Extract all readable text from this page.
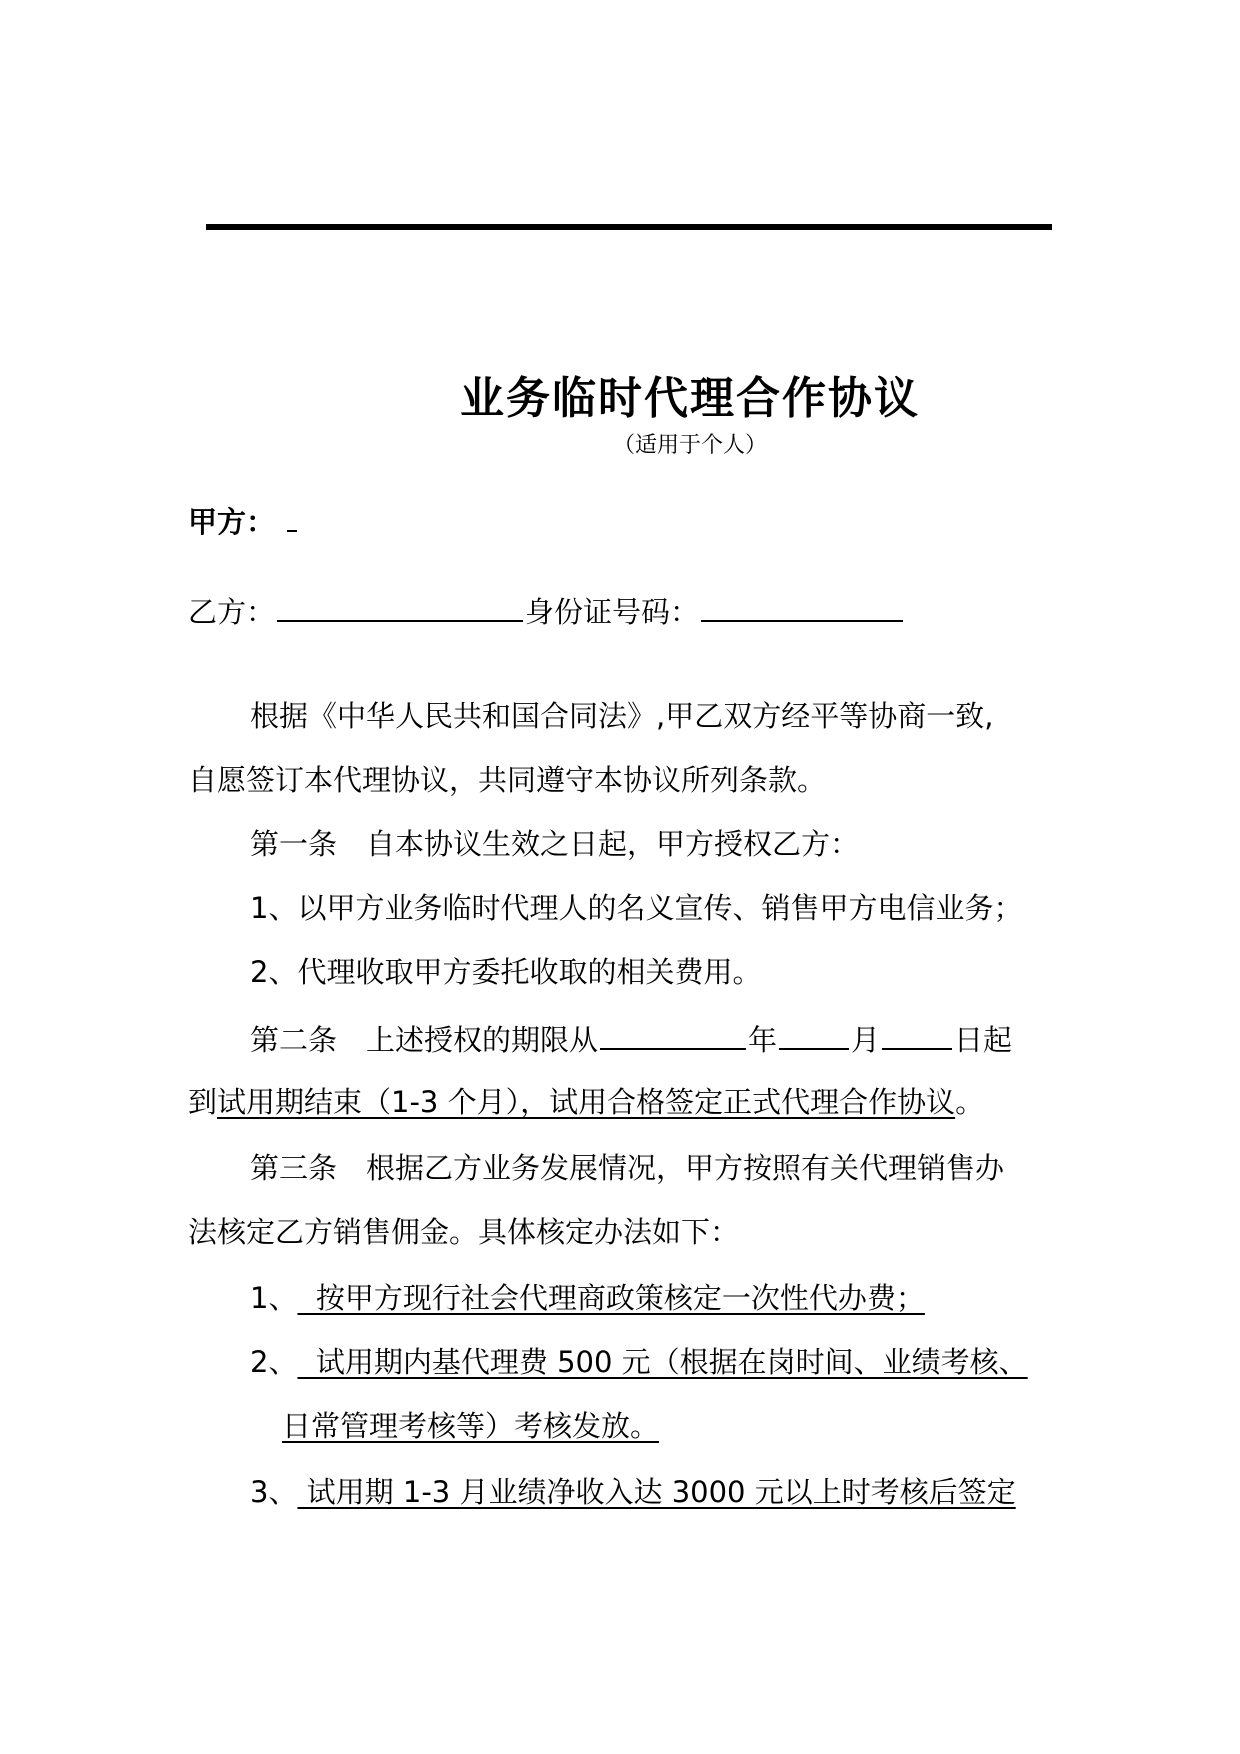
业务临时代理合作协议
（适用于个人）
甲方：
乙方：	身份证号码：
根据《中华人民共和国合同法》,甲乙双方经平等协商一致,
自愿签订本代理协议，共同遵守本协议所列条款。
第一条　自本协议生效之日起，甲方授权乙方：
1、以甲方业务临时代理人的名义宣传、销售甲方电信业务；
2、代理收取甲方委托收取的相关费用。
第二条　上述授权的期限从	年	月	日起
到试用期结束（1-3 个月），试用合格签定正式代理合作协议。
第三条　根据乙方业务发展情况，甲方按照有关代理销售办
法核定乙方销售佣金。具体核定办法如下：
1、  按甲方现行社会代理商政策核定一次性代办费；
2、  试用期内基代理费 500 元（根据在岗时间、业绩考核、
日常管理考核等）考核发放。
3、 试用期 1-3 月业绩净收入达 3000 元以上时考核后签定
